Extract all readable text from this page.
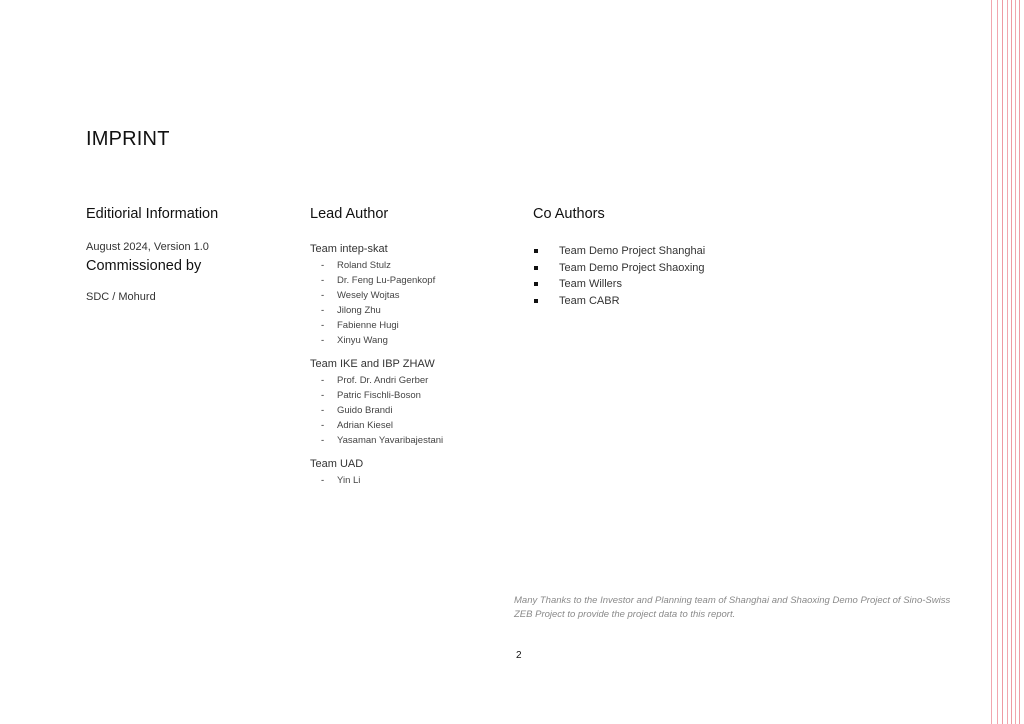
IMPRINT
Editiorial Information
August 2024, Version 1.0
Commissioned by
SDC / Mohurd
Lead Author
Team intep-skat
- Roland Stulz
- Dr. Feng Lu-Pagenkopf
- Wesely Wojtas
- Jilong Zhu
- Fabienne Hugi
- Xinyu Wang
Team IKE and IBP ZHAW
- Prof. Dr. Andri Gerber
- Patric Fischli-Boson
- Guido Brandi
- Adrian Kiesel
- Yasaman Yavaribajestani
Team UAD
- Yin Li
Co Authors
Team Demo Project Shanghai
Team Demo Project Shaoxing
Team Willers
Team CABR
Many Thanks to the Investor and Planning team of Shanghai and Shaoxing Demo Project of Sino-Swiss ZEB Project to provide the project data to this report.
2
